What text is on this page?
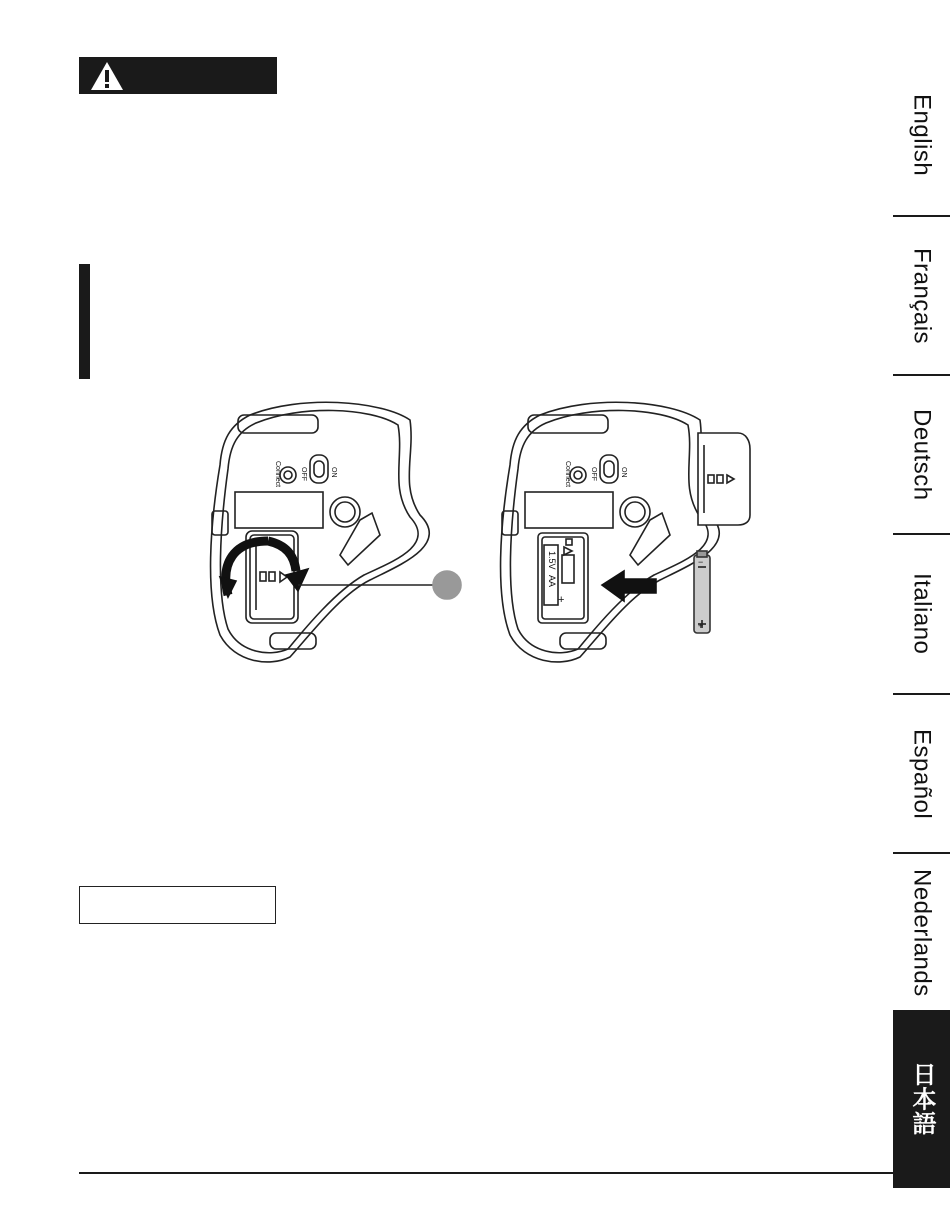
OFF	ON
Connect	OFF	ON
Connect
1.5V
AA
+
−
+
English
Français
Deutsch
Italiano
Español
Nederlands
日本語
